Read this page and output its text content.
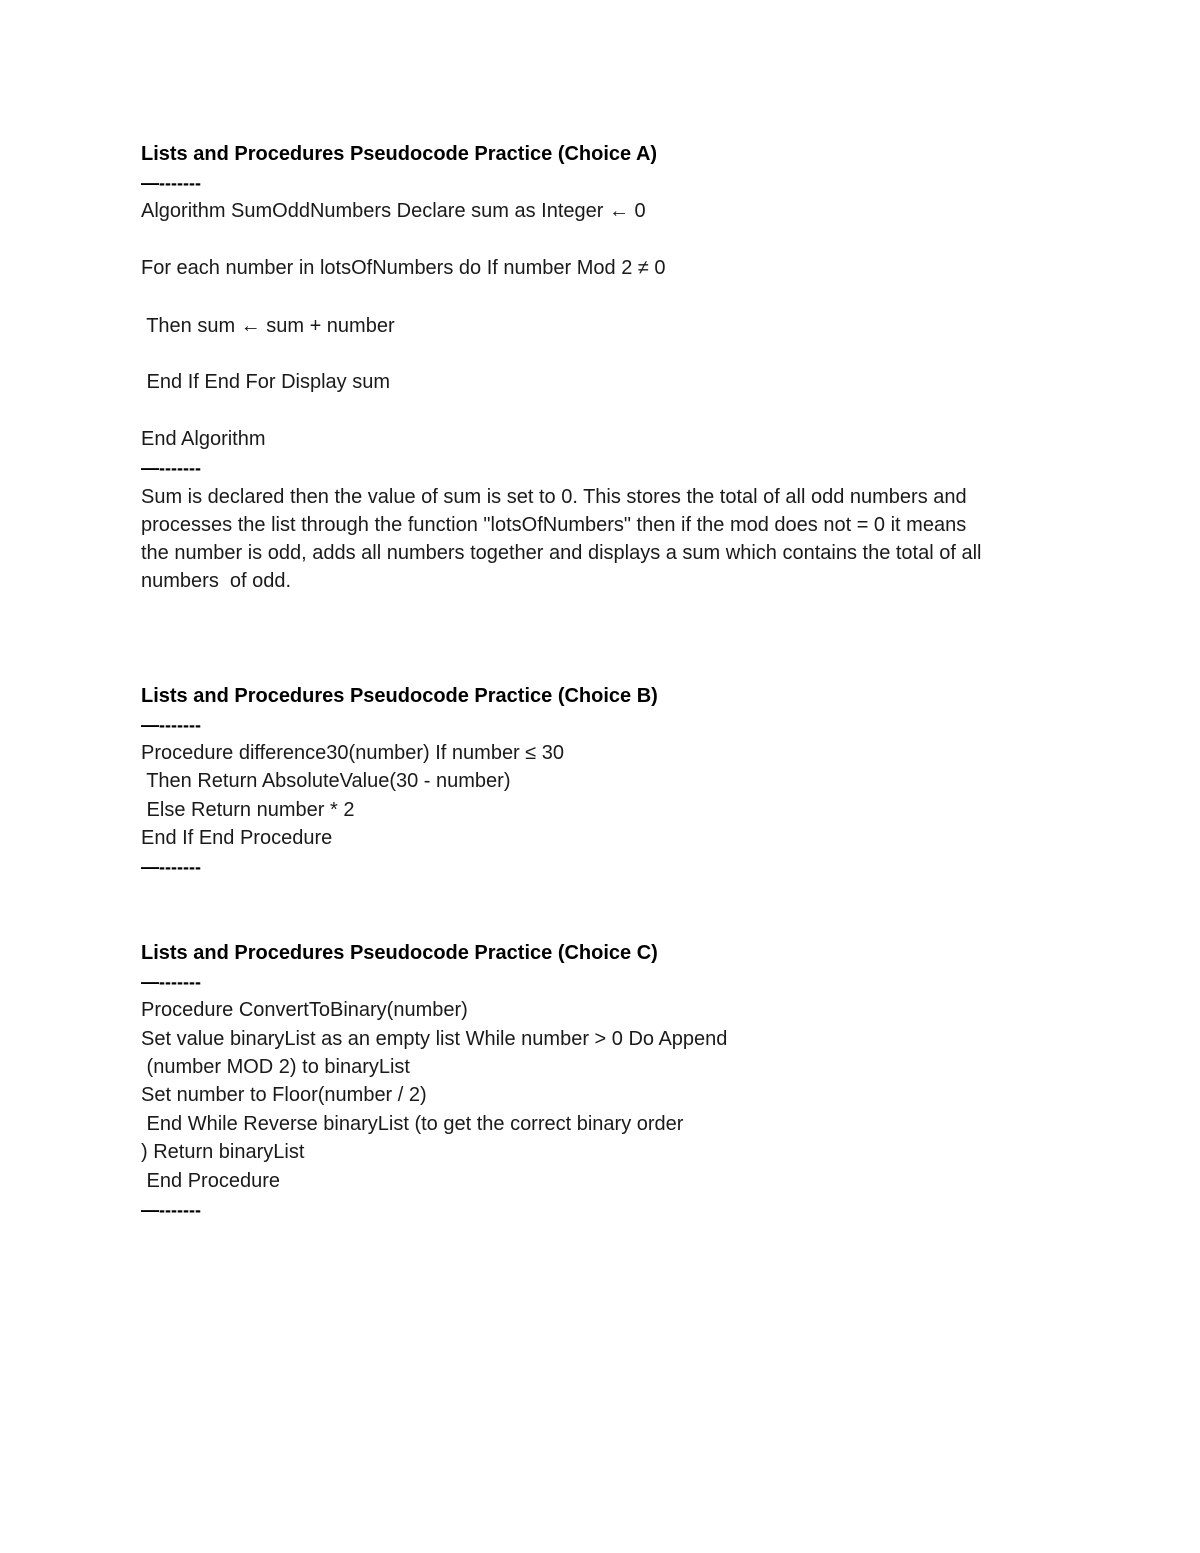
Lists and Procedures Pseudocode Practice (Choice A)
—-------
Algorithm SumOddNumbers Declare sum as Integer ← 0
For each number in lotsOfNumbers do If number Mod 2 ≠ 0
Then sum ← sum + number
End If End For Display sum
End Algorithm
—-------
Sum is declared then the value of sum is set to 0. This stores the total of all odd numbers and
processes the list through the function "lotsOfNumbers" then if the mod does not = 0 it means
the number is odd, adds all numbers together and displays a sum which contains the total of all
numbers  of odd.
Lists and Procedures Pseudocode Practice (Choice B)
—-------
Procedure difference30(number) If number ≤ 30
Then Return AbsoluteValue(30 - number)
Else Return number * 2
End If End Procedure
—-------
Lists and Procedures Pseudocode Practice (Choice C)
—-------
Procedure ConvertToBinary(number)
Set value binaryList as an empty list While number > 0 Do Append
(number MOD 2) to binaryList
Set number to Floor(number / 2)
End While Reverse binaryList (to get the correct binary order
) Return binaryList
End Procedure
—-------
